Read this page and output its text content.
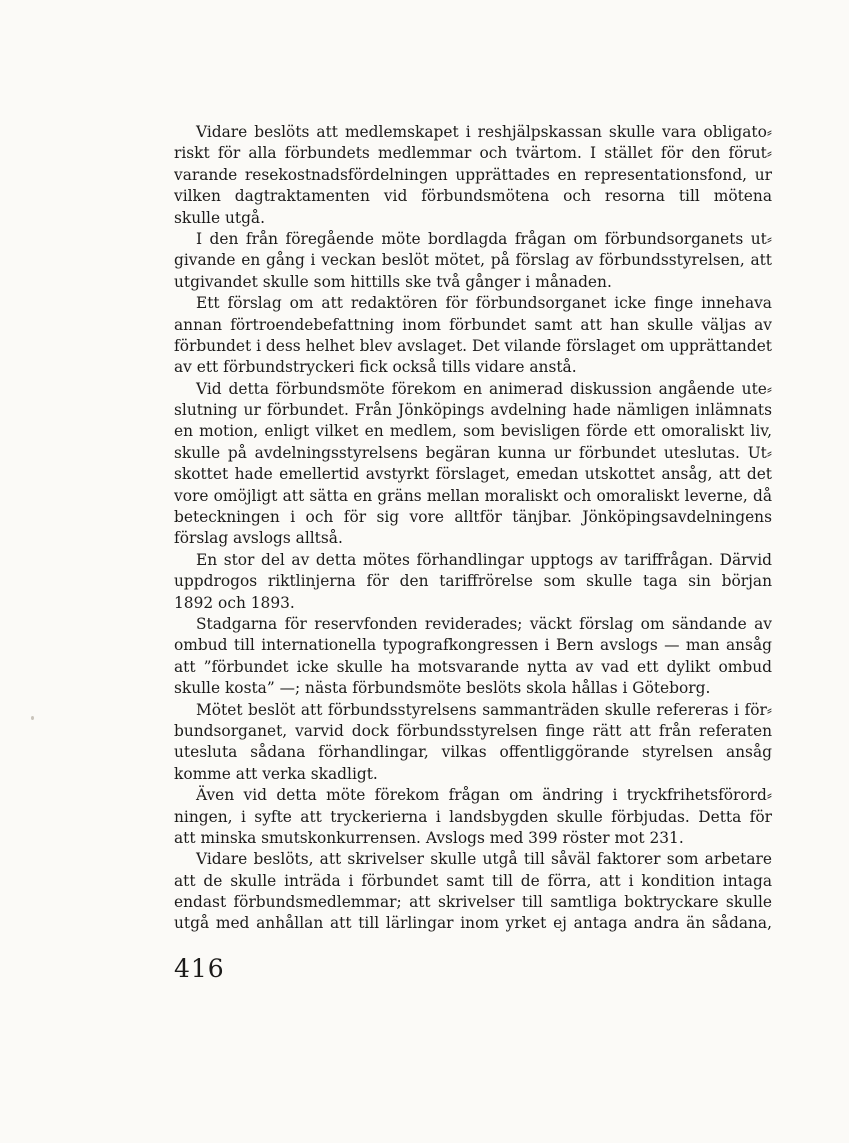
Vidare beslöts att medlemskapet i reshjälpskassan skulle vara obligato⸗
riskt för alla förbundets medlemmar och tvärtom. I stället för den förut⸗
varande resekostnadsfördelningen upprättades en representationsfond, ur
vilken dagtraktamenten vid förbundsmötena och resorna till mötena
skulle utgå.
I den från föregående möte bordlagda frågan om förbundsorganets ut⸗
givande en gång i veckan beslöt mötet, på förslag av förbundsstyrelsen, att
utgivandet skulle som hittills ske två gånger i månaden.
Ett förslag om att redaktören för förbundsorganet icke finge innehava
annan förtroendebefattning inom förbundet samt att han skulle väljas av
förbundet i dess helhet blev avslaget. Det vilande förslaget om upprättandet
av ett förbundstryckeri fick också tills vidare anstå.
Vid detta förbundsmöte förekom en animerad diskussion angående ute⸗
slutning ur förbundet. Från Jönköpings avdelning hade nämligen inlämnats
en motion, enligt vilket en medlem, som bevisligen förde ett omoraliskt liv,
skulle på avdelningsstyrelsens begäran kunna ur förbundet uteslutas. Ut⸗
skottet hade emellertid avstyrkt förslaget, emedan utskottet ansåg, att det
vore omöjligt att sätta en gräns mellan moraliskt och omoraliskt leverne, då
beteckningen i och för sig vore alltför tänjbar. Jönköpingsavdelningens
förslag avslogs alltså.
En stor del av detta mötes förhandlingar upptogs av tariffrågan. Därvid
uppdrogos riktlinjerna för den tariffrörelse som skulle taga sin början
1892 och 1893.
Stadgarna för reservfonden reviderades; väckt förslag om sändande av
ombud till internationella typografkongressen i Bern avslogs — man ansåg
att ”förbundet icke skulle ha motsvarande nytta av vad ett dylikt ombud
skulle kosta” —; nästa förbundsmöte beslöts skola hållas i Göteborg.
Mötet beslöt att förbundsstyrelsens sammanträden skulle refereras i för⸗
bundsorganet, varvid dock förbundsstyrelsen finge rätt att från referaten
utesluta sådana förhandlingar, vilkas offentliggörande styrelsen ansåg
komme att verka skadligt.
Även vid detta möte förekom frågan om ändring i tryckfrihetsförord⸗
ningen, i syfte att tryckerierna i landsbygden skulle förbjudas. Detta för
att minska smutskonkurrensen. Avslogs med 399 röster mot 231.
Vidare beslöts, att skrivelser skulle utgå till såväl faktorer som arbetare
att de skulle inträda i förbundet samt till de förra, att i kondition intaga
endast förbundsmedlemmar; att skrivelser till samtliga boktryckare skulle
utgå med anhållan att till lärlingar inom yrket ej antaga andra än sådana,
416
